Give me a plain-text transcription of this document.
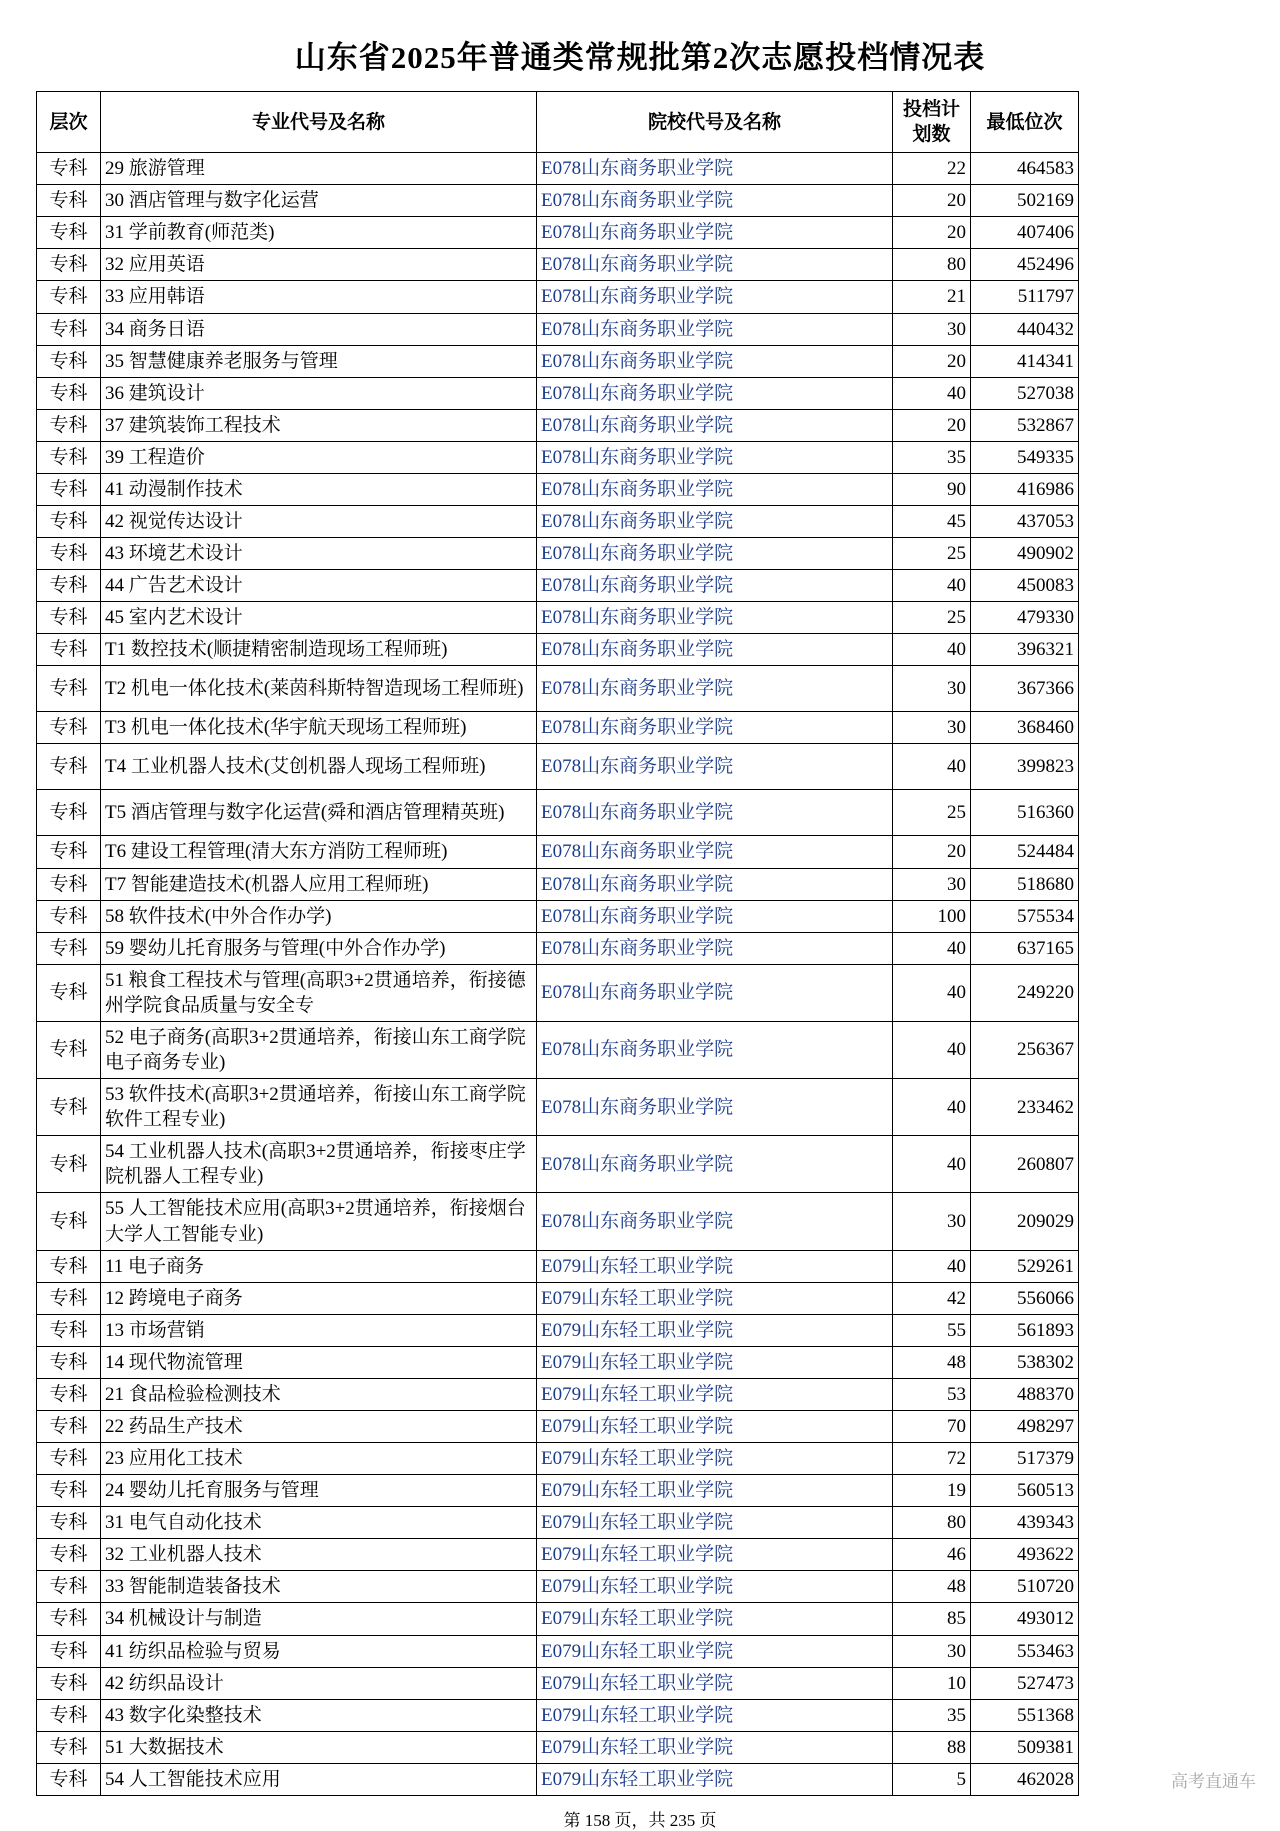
山东省2025年普通类常规批第2次志愿投档情况表
层次	专业代号及名称	院校代号及名称	投档计划数	最低位次
专科	29 旅游管理	E078山东商务职业学院	22	464583
专科	30 酒店管理与数字化运营	E078山东商务职业学院	20	502169
专科	31 学前教育(师范类)	E078山东商务职业学院	20	407406
专科	32 应用英语	E078山东商务职业学院	80	452496
专科	33 应用韩语	E078山东商务职业学院	21	511797
专科	34 商务日语	E078山东商务职业学院	30	440432
专科	35 智慧健康养老服务与管理	E078山东商务职业学院	20	414341
专科	36 建筑设计	E078山东商务职业学院	40	527038
专科	37 建筑装饰工程技术	E078山东商务职业学院	20	532867
专科	39 工程造价	E078山东商务职业学院	35	549335
专科	41 动漫制作技术	E078山东商务职业学院	90	416986
专科	42 视觉传达设计	E078山东商务职业学院	45	437053
专科	43 环境艺术设计	E078山东商务职业学院	25	490902
专科	44 广告艺术设计	E078山东商务职业学院	40	450083
专科	45 室内艺术设计	E078山东商务职业学院	25	479330
专科	T1 数控技术(顺捷精密制造现场工程师班)	E078山东商务职业学院	40	396321
专科	T2 机电一体化技术(莱茵科斯特智造现场工程师班)	E078山东商务职业学院	30	367366
专科	T3 机电一体化技术(华宇航天现场工程师班)	E078山东商务职业学院	30	368460
专科	T4 工业机器人技术(艾创机器人现场工程师班)	E078山东商务职业学院	40	399823
专科	T5 酒店管理与数字化运营(舜和酒店管理精英班)	E078山东商务职业学院	25	516360
专科	T6 建设工程管理(清大东方消防工程师班)	E078山东商务职业学院	20	524484
专科	T7 智能建造技术(机器人应用工程师班)	E078山东商务职业学院	30	518680
专科	58 软件技术(中外合作办学)	E078山东商务职业学院	100	575534
专科	59 婴幼儿托育服务与管理(中外合作办学)	E078山东商务职业学院	40	637165
专科	51 粮食工程技术与管理(高职3+2贯通培养，衔接德州学院食品质量与安全专	E078山东商务职业学院	40	249220
专科	52 电子商务(高职3+2贯通培养，衔接山东工商学院电子商务专业)	E078山东商务职业学院	40	256367
专科	53 软件技术(高职3+2贯通培养，衔接山东工商学院软件工程专业)	E078山东商务职业学院	40	233462
专科	54 工业机器人技术(高职3+2贯通培养，衔接枣庄学院机器人工程专业)	E078山东商务职业学院	40	260807
专科	55 人工智能技术应用(高职3+2贯通培养，衔接烟台大学人工智能专业)	E078山东商务职业学院	30	209029
专科	11 电子商务	E079山东轻工职业学院	40	529261
专科	12 跨境电子商务	E079山东轻工职业学院	42	556066
专科	13 市场营销	E079山东轻工职业学院	55	561893
专科	14 现代物流管理	E079山东轻工职业学院	48	538302
专科	21 食品检验检测技术	E079山东轻工职业学院	53	488370
专科	22 药品生产技术	E079山东轻工职业学院	70	498297
专科	23 应用化工技术	E079山东轻工职业学院	72	517379
专科	24 婴幼儿托育服务与管理	E079山东轻工职业学院	19	560513
专科	31 电气自动化技术	E079山东轻工职业学院	80	439343
专科	32 工业机器人技术	E079山东轻工职业学院	46	493622
专科	33 智能制造装备技术	E079山东轻工职业学院	48	510720
专科	34 机械设计与制造	E079山东轻工职业学院	85	493012
专科	41 纺织品检验与贸易	E079山东轻工职业学院	30	553463
专科	42 纺织品设计	E079山东轻工职业学院	10	527473
专科	43 数字化染整技术	E079山东轻工职业学院	35	551368
专科	51 大数据技术	E079山东轻工职业学院	88	509381
专科	54 人工智能技术应用	E079山东轻工职业学院	5	462028
第 158 页，共 235 页
高考直通车
